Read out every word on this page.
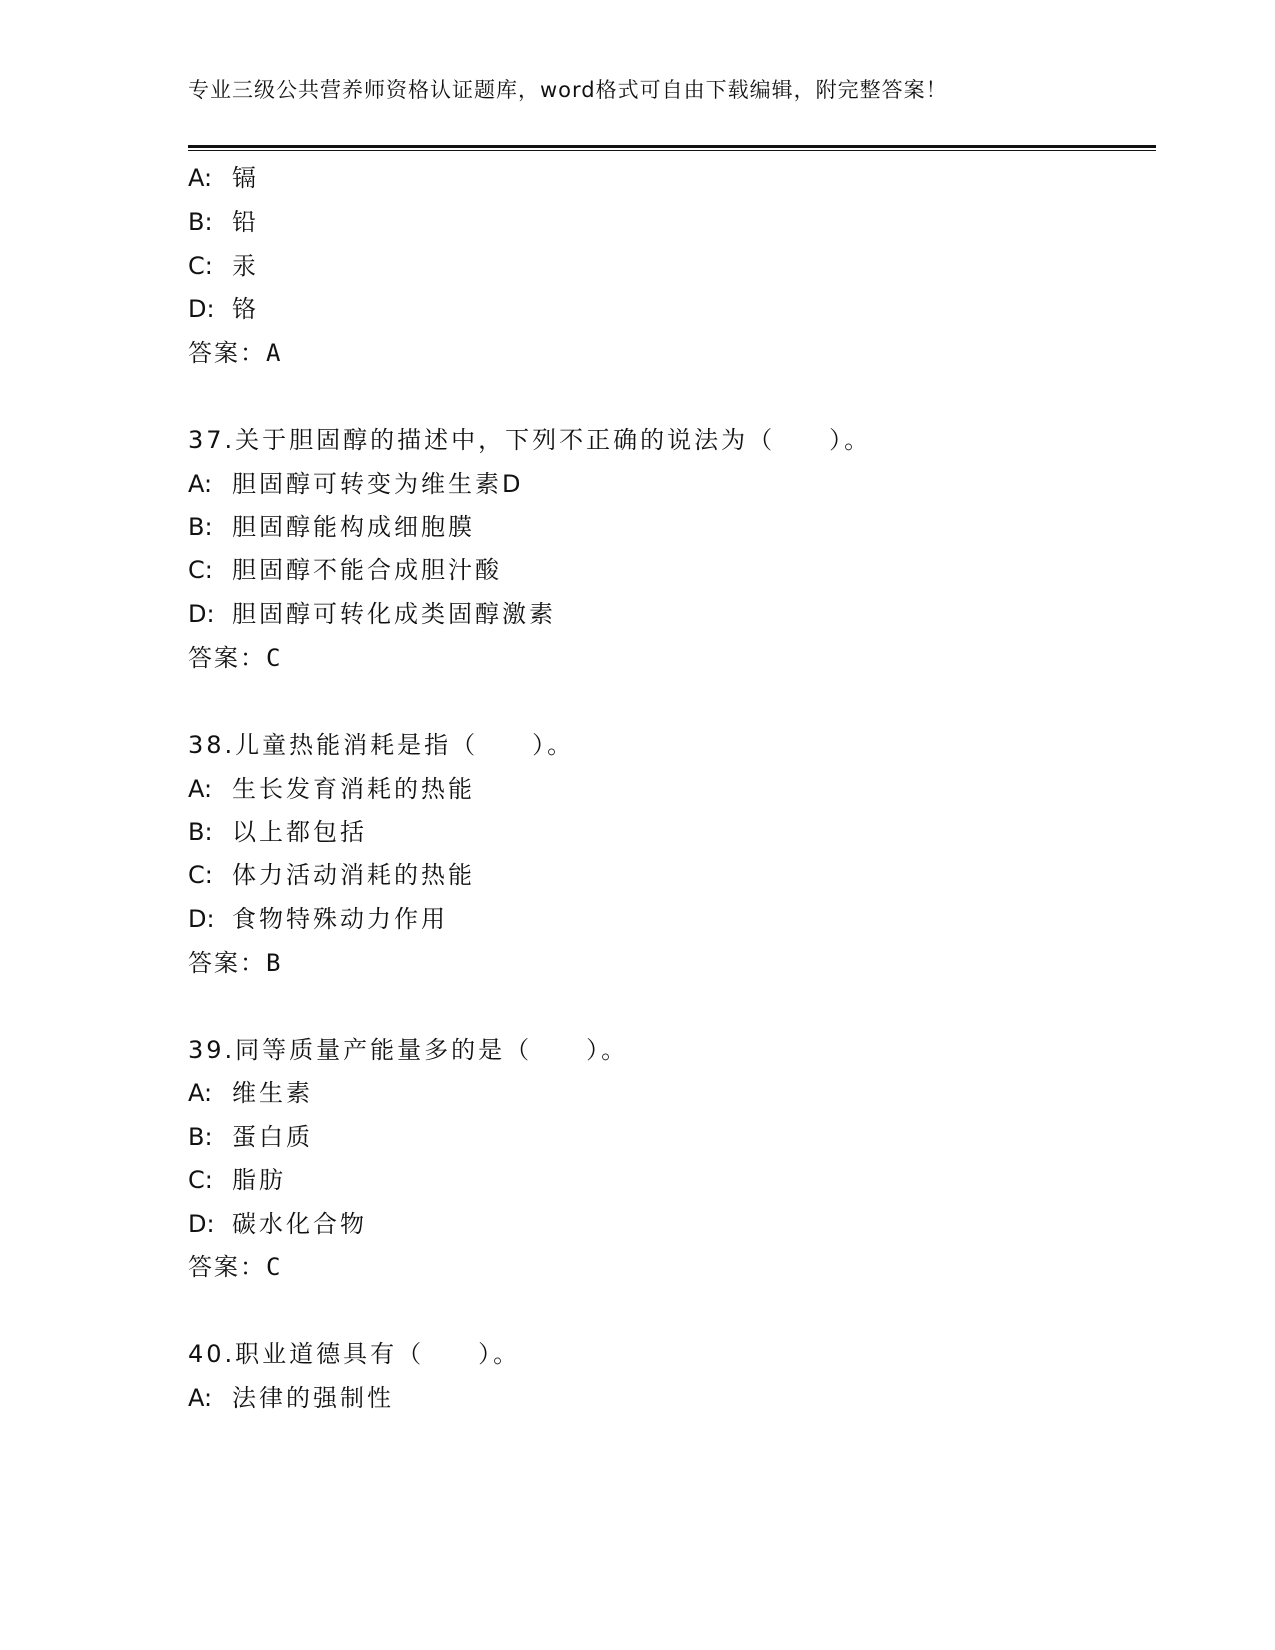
专业三级公共营养师资格认证题库，word格式可自由下载编辑，附完整答案！
A: 镉
B: 铅
C: 汞
D: 铬
答案：A
37.关于胆固醇的描述中，下列不正确的说法为（　　）。
A: 胆固醇可转变为维生素D
B: 胆固醇能构成细胞膜
C: 胆固醇不能合成胆汁酸
D: 胆固醇可转化成类固醇激素
答案：C
38.儿童热能消耗是指（　　）。
A: 生长发育消耗的热能
B: 以上都包括
C: 体力活动消耗的热能
D: 食物特殊动力作用
答案：B
39.同等质量产能量多的是（　　）。
A: 维生素
B: 蛋白质
C: 脂肪
D: 碳水化合物
答案：C
40.职业道德具有（　　）。
A: 法律的强制性
